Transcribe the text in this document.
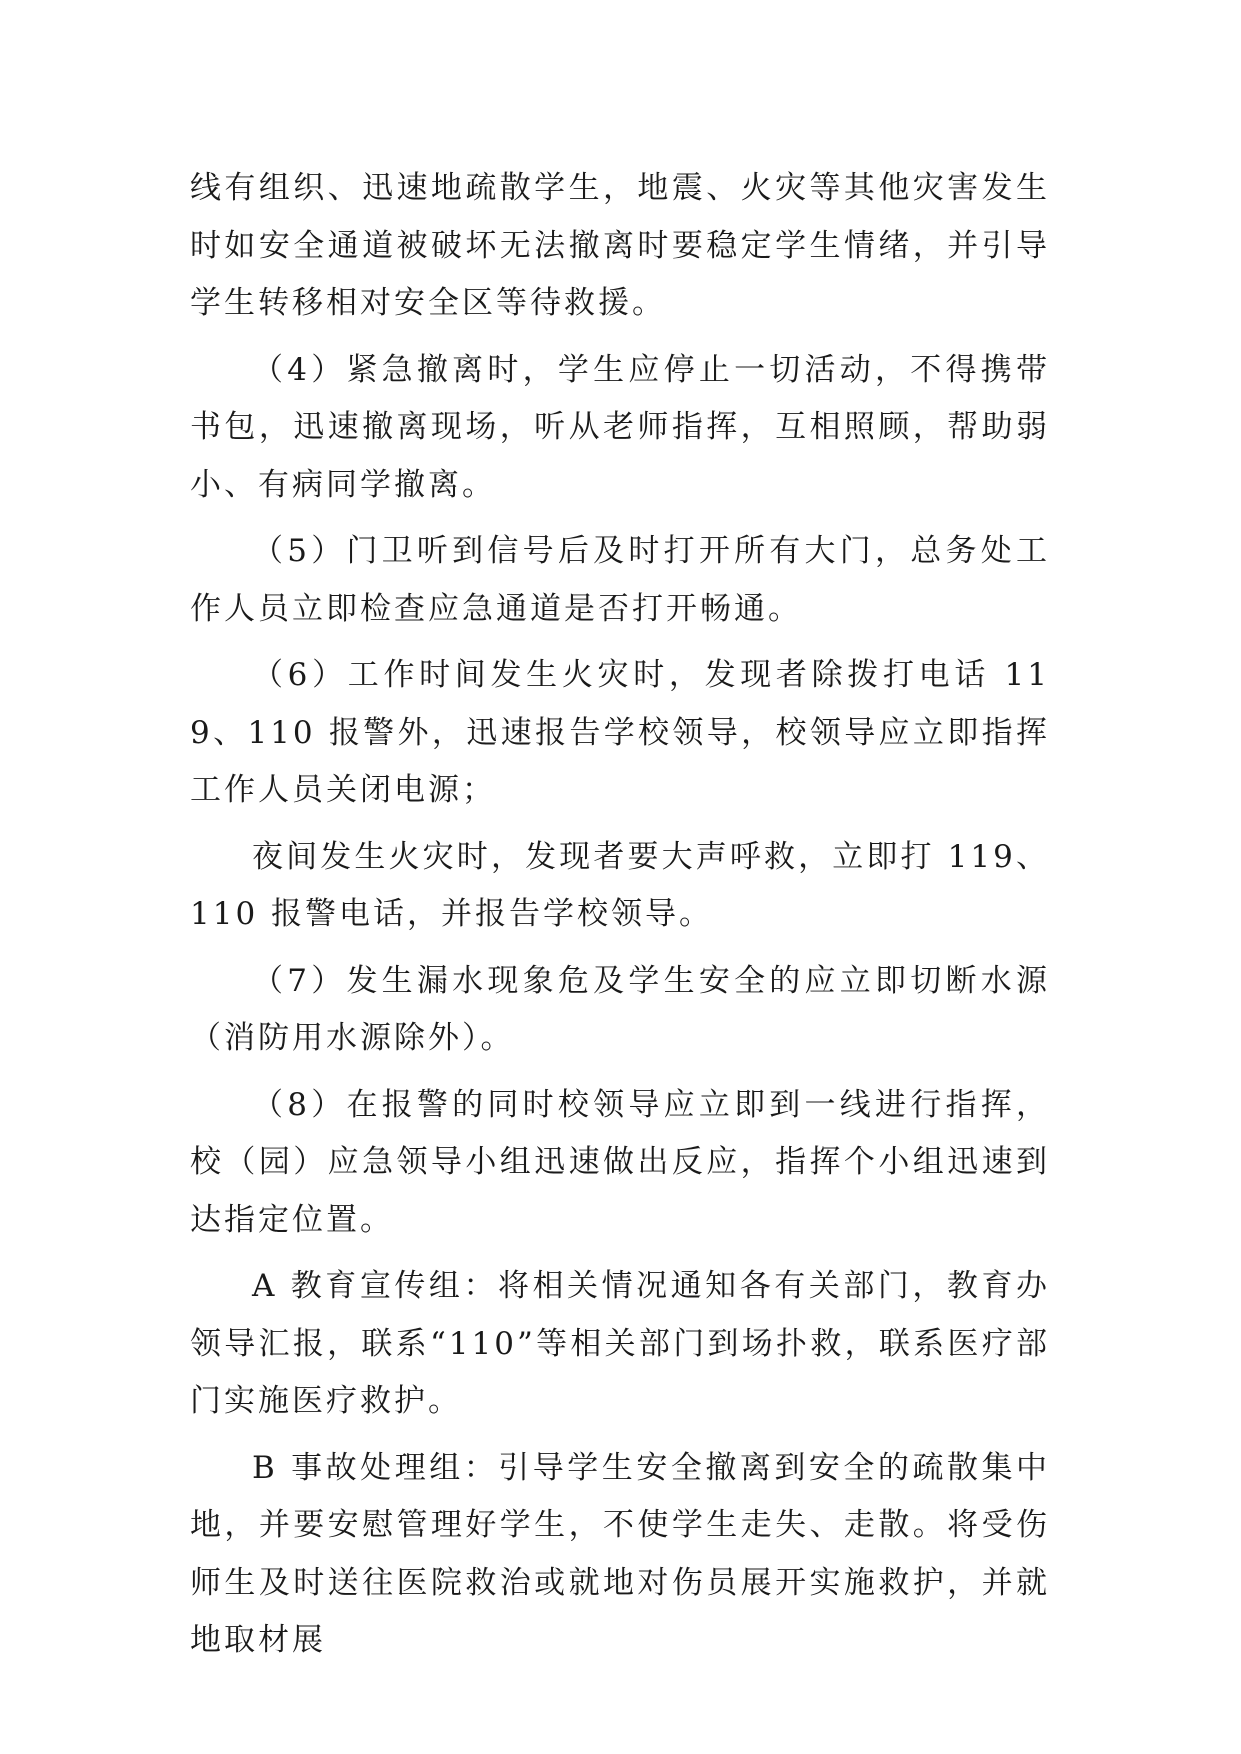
线有组织、迅速地疏散学生，地震、火灾等其他灾害发生时如安全通道被破坏无法撤离时要稳定学生情绪，并引导学生转移相对安全区等待救援。

（4）紧急撤离时，学生应停止一切活动，不得携带书包，迅速撤离现场，听从老师指挥，互相照顾，帮助弱小、有病同学撤离。

（5）门卫听到信号后及时打开所有大门，总务处工作人员立即检查应急通道是否打开畅通。

（6）工作时间发生火灾时，发现者除拨打电话 119、110 报警外，迅速报告学校领导，校领导应立即指挥工作人员关闭电源；

夜间发生火灾时，发现者要大声呼救，立即打 119、110 报警电话，并报告学校领导。

（7）发生漏水现象危及学生安全的应立即切断水源（消防用水源除外）。

（8）在报警的同时校领导应立即到一线进行指挥，校（园）应急领导小组迅速做出反应，指挥个小组迅速到达指定位置。

A 教育宣传组：将相关情况通知各有关部门，教育办领导汇报，联系“110”等相关部门到场扑救，联系医疗部门实施医疗救护。

B 事故处理组：引导学生安全撤离到安全的疏散集中地，并要安慰管理好学生，不使学生走失、走散。将受伤师生及时送往医院救治或就地对伤员展开实施救护，并就地取材展
